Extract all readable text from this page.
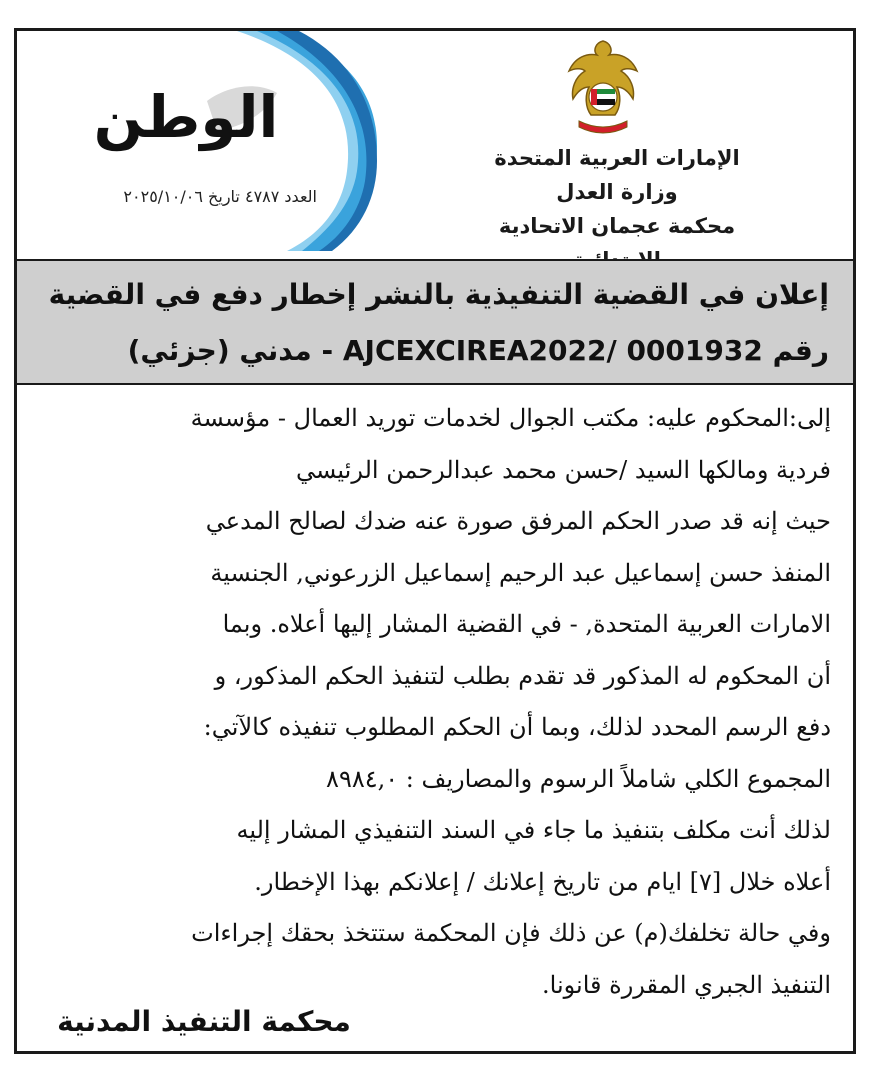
الإمارات العربية المتحدة
وزارة العدل
محكمة عجمان الاتحادية
الوطن
العدد ٤٧٨٧ تاريخ ٢٠٢٥/١٠/٠٦
إعلان في القضية التنفيذية بالنشر إخطار دفع في القضية
رقم AJCEXCIREA2022/ 0001932 - مدني (جزئي)

إلى:المحكوم عليه: مكتب الجوال لخدمات توريد العمال - مؤسسة

فردية ومالكها السيد /حسن محمد عبدالرحمن الرئيسي

حيث إنه قد صدر الحكم المرفق صورة عنه ضدك لصالح المدعي

المنفذ حسن إسماعيل عبد الرحيم إسماعيل الزرعوني, الجنسية

الامارات العربية المتحدة, - في القضية المشار إليها أعلاه. وبما

أن المحكوم له المذكور قد تقدم بطلب لتنفيذ الحكم المذكور، و

دفع الرسم المحدد لذلك، وبما أن الحكم المطلوب تنفيذه كالآتي:

المجموع الكلي شاملاً الرسوم والمصاريف : ٨٩٨٤,٠

لذلك أنت مكلف بتنفيذ ما جاء في السند التنفيذي المشار إليه

أعلاه خلال [٧] ايام من تاريخ إعلانك / إعلانكم بهذا الإخطار.

وفي حالة تخلفك(م) عن ذلك فإن المحكمة ستتخذ بحقك إجراءات

التنفيذ الجبري المقررة قانونا.

محكمة التنفيذ المدنية
